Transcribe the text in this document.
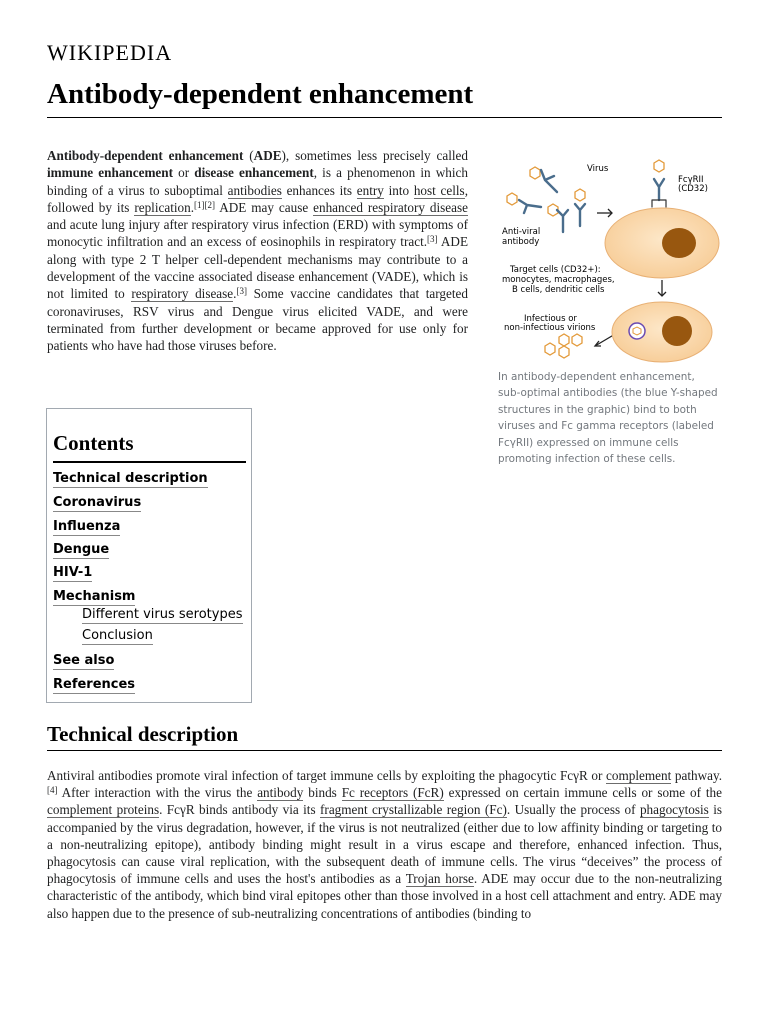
WIKIPEDIA
Antibody-dependent enhancement

Antibody-dependent enhancement (ADE), sometimes less precisely called immune enhancement or disease enhancement, is a phenomenon in which binding of a virus to suboptimal antibodies enhances its entry into host cells, followed by its replication.[1][2] ADE may cause enhanced respiratory disease and acute lung injury after respiratory virus infection (ERD) with symptoms of monocytic infiltration and an excess of eosinophils in respiratory tract.[3] ADE along with type 2 T helper cell-dependent mechanisms may contribute to a development of the vaccine associated disease enhancement (VADE), which is not limited to respiratory disease.[3] Some vaccine candidates that targeted coronaviruses, RSV virus and Dengue virus elicited VADE, and were terminated from further development or became approved for use only for patients who have had those viruses before.

Virus
FcγRII
(CD32)
Anti-viral
antibody
Target cells (CD32+):
monocytes, macrophages,
B cells, dendritic cells
Infectious or
non-infectious virions

In antibody-dependent enhancement, sub-optimal antibodies (the blue Y-shaped structures in the graphic) bind to both viruses and Fc gamma receptors (labeled FcγRII) expressed on immune cells promoting infection of these cells.

Contents
Technical description
Coronavirus
Influenza
Dengue
HIV-1
Mechanism
Different virus serotypes
Conclusion
See also
References
Technical description

Antiviral antibodies promote viral infection of target immune cells by exploiting the phagocytic FcγR or complement pathway.[4] After interaction with the virus the antibody binds Fc receptors (FcR) expressed on certain immune cells or some of the complement proteins. FcγR binds antibody via its fragment crystallizable region (Fc). Usually the process of phagocytosis is accompanied by the virus degradation, however, if the virus is not neutralized (either due to low affinity binding or targeting to a non-neutralizing epitope), antibody binding might result in a virus escape and therefore, enhanced infection. Thus, phagocytosis can cause viral replication, with the subsequent death of immune cells. The virus “deceives” the process of phagocytosis of immune cells and uses the host's antibodies as a Trojan horse. ADE may occur due to the non-neutralizing characteristic of the antibody, which bind viral epitopes other than those involved in a host cell attachment and entry. ADE may also happen due to the presence of sub-neutralizing concentrations of antibodies (binding to
